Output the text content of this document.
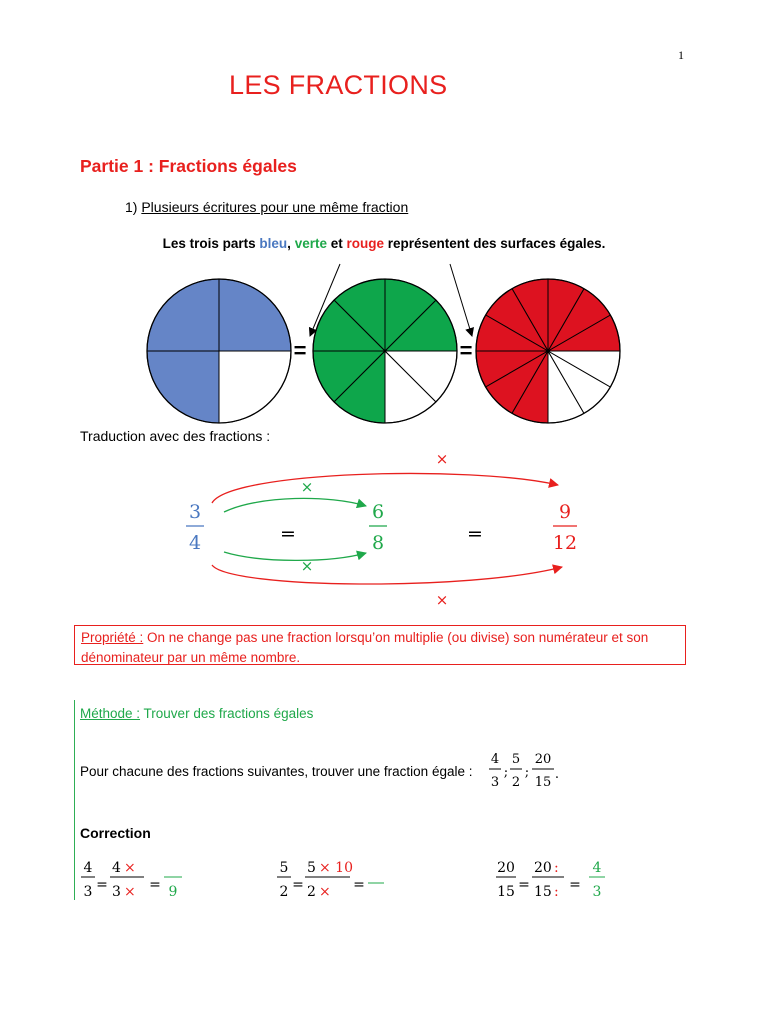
1
LES FRACTIONS
Partie 1 : Fractions égales
1) Plusieurs écritures pour une même fraction
Les trois parts bleu, verte et rouge représentent des surfaces égales.
=	=
Traduction avec des fractions :
3
4	=
6
8	=
9
12
×
×
×
×
Propriété : On ne change pas une fraction lorsqu’on multiplie (ou divise) son numérateur et son dénominateur par un même nombre.
Méthode : Trouver des fractions égales
Pour chacune des fractions suivantes, trouver une fraction égale :
4
3
;
5
2
;
20
15
.
Correction
4
3 =
4 ×
3 × = 9
5
2 =
5 × 10
2 × =
20
15 =
20 :
15 : =
4
3
